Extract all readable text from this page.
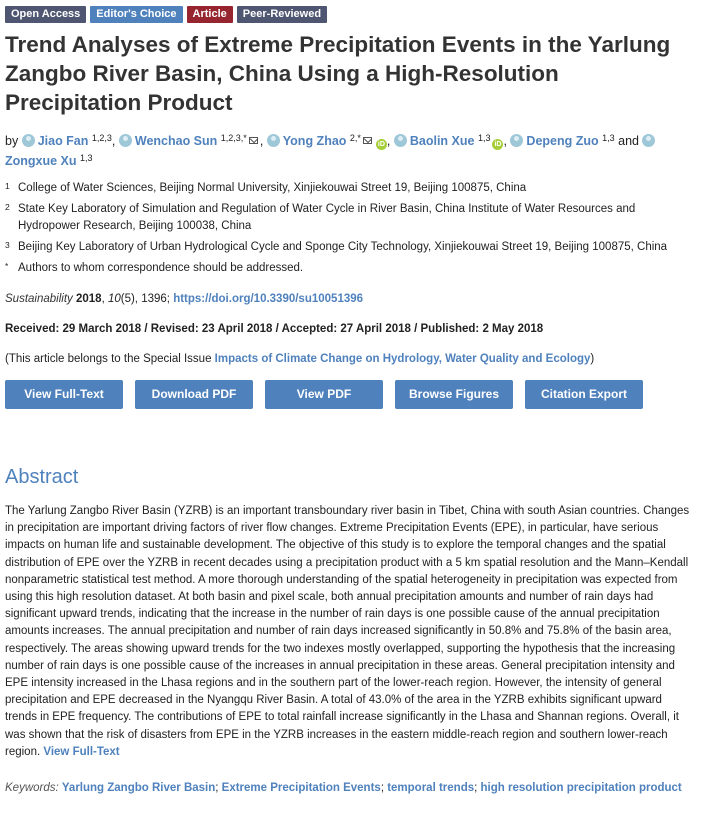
Open Access	Editor's Choice	Article	Peer-Reviewed
Trend Analyses of Extreme Precipitation Events in the Yarlung Zangbo River Basin, China Using a High-Resolution Precipitation Product
by Jiao Fan $^{1,2,3}$, Wenchao Sun $^{1,2,3,*}$ , Yong Zhao $^{2,*}$iD , Baolin Xue $^{1,3}$iD , Depeng Zuo $^{1,3}$ and Zongxue Xu $^{1,3}$
1 College of Water Sciences, Beijing Normal University, Xinjiekouwai Street 19, Beijing 100875, China
2 State Key Laboratory of Simulation and Regulation of Water Cycle in River Basin, China Institute of Water Resources and Hydropower Research, Beijing 100038, China
3 Beijing Key Laboratory of Urban Hydrological Cycle and Sponge City Technology, Xinjiekouwai Street 19, Beijing 100875, China
* Authors to whom correspondence should be addressed.
Sustainability 2018, 10(5), 1396; https://doi.org/10.3390/su10051396
Received: 29 March 2018 / Revised: 23 April 2018 / Accepted: 27 April 2018 / Published: 2 May 2018
(This article belongs to the Special Issue Impacts of Climate Change on Hydrology, Water Quality and Ecology)
View Full-Text	Download PDF	View PDF	Browse Figures	Citation Export
Abstract
The Yarlung Zangbo River Basin (YZRB) is an important transboundary river basin in Tibet, China with south Asian countries. Changes in precipitation are important driving factors of river flow changes. Extreme Precipitation Events (EPE), in particular, have serious impacts on human life and sustainable development. The objective of this study is to explore the temporal changes and the spatial distribution of EPE over the YZRB in recent decades using a precipitation product with a 5 km spatial resolution and the Mann–Kendall nonparametric statistical test method. A more thorough understanding of the spatial heterogeneity in precipitation was expected from using this high resolution dataset. At both basin and pixel scale, both annual precipitation amounts and number of rain days had significant upward trends, indicating that the increase in the number of rain days is one possible cause of the annual precipitation amounts increases. The annual precipitation and number of rain days increased significantly in 50.8% and 75.8% of the basin area, respectively. The areas showing upward trends for the two indexes mostly overlapped, supporting the hypothesis that the increasing number of rain days is one possible cause of the increases in annual precipitation in these areas. General precipitation intensity and EPE intensity increased in the Lhasa regions and in the southern part of the lower-reach region. However, the intensity of general precipitation and EPE decreased in the Nyangqu River Basin. A total of 43.0% of the area in the YZRB exhibits significant upward trends in EPE frequency. The contributions of EPE to total rainfall increase significantly in the Lhasa and Shannan regions. Overall, it was shown that the risk of disasters from EPE in the YZRB increases in the eastern middle-reach region and southern lower-reach region. View Full-Text
Keywords: Yarlung Zangbo River Basin; Extreme Precipitation Events; temporal trends; high resolution precipitation product
